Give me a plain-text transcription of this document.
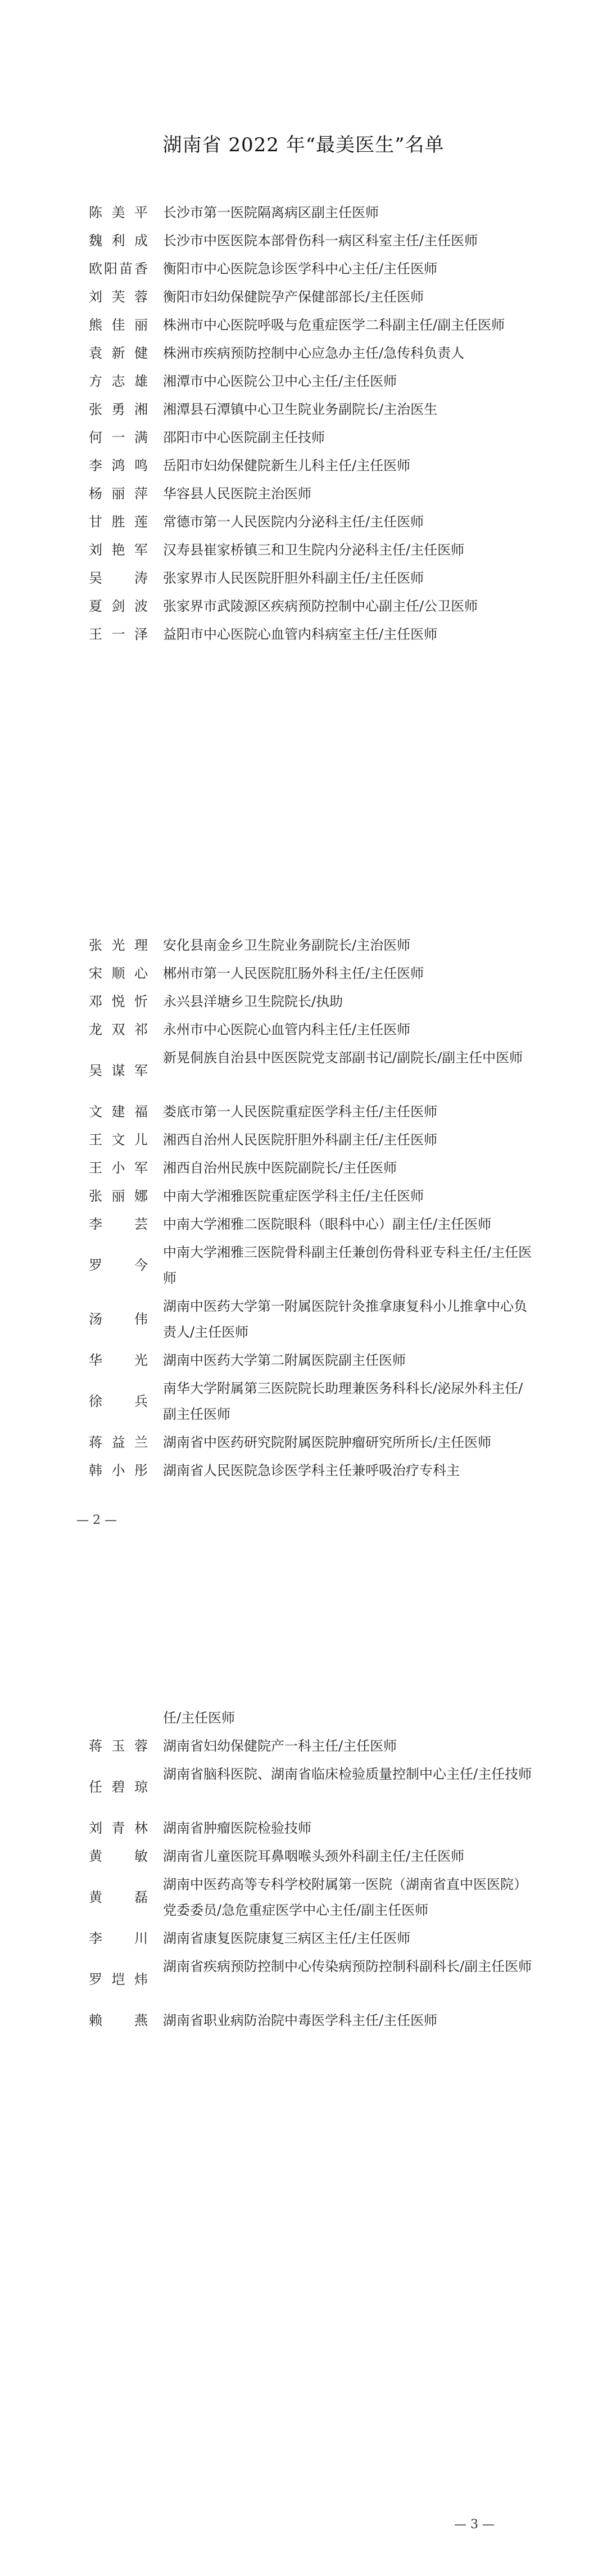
湖南省 2022 年“最美医生”名单
陈美平 长沙市第一医院隔离病区副主任医师
魏利成 长沙市中医医院本部骨伤科一病区科室主任/主任医师
欧阳苗香 衡阳市中心医院急诊医学科中心主任/主任医师
刘芙蓉 衡阳市妇幼保健院孕产保健部部长/主任医师
熊佳丽 株洲市中心医院呼吸与危重症医学二科副主任/副主任医师
袁新健 株洲市疾病预防控制中心应急办主任/急传科负责人
方志雄 湘潭市中心医院公卫中心主任/主任医师
张勇湘 湘潭县石潭镇中心卫生院业务副院长/主治医生
何一满 邵阳市中心医院副主任技师
李鸿鸣 岳阳市妇幼保健院新生儿科主任/主任医师
杨丽萍 华容县人民医院主治医师
甘胜莲 常德市第一人民医院内分泌科主任/主任医师
刘艳军 汉寿县崔家桥镇三和卫生院内分泌科主任/主任医师
吴　涛 张家界市人民医院肝胆外科副主任/主任医师
夏剑波 张家界市武陵源区疾病预防控制中心副主任/公卫医师
王一泽 益阳市中心医院心血管内科病室主任/主任医师
张光理 安化县南金乡卫生院业务副院长/主治医师
宋顺心 郴州市第一人民医院肛肠外科主任/主任医师
邓悦忻 永兴县洋塘乡卫生院院长/执助
龙双祁 永州市中心医院心血管内科主任/主任医师
吴谋军
新晃侗族自治县中医医院党支部副书记/副院长/副主任中医师
文建福 娄底市第一人民医院重症医学科主任/主任医师
王文儿 湘西自治州人民医院肝胆外科副主任/主任医师
王小军 湘西自治州民族中医院副院长/主任医师
张丽娜 中南大学湘雅医院重症医学科主任/主任医师
李　芸 中南大学湘雅二医院眼科（眼科中心）副主任/主任医师
罗　今
中南大学湘雅三医院骨科副主任兼创伤骨科亚专科主任/主任医师
汤　伟
湖南中医药大学第一附属医院针灸推拿康复科小儿推拿中心负责人/主任医师
华　光 湖南中医药大学第二附属医院副主任医师
徐　兵
南华大学附属第三医院院长助理兼医务科科长/泌尿外科主任/副主任医师
蒋益兰 湖南省中医药研究院附属医院肿瘤研究所所长/主任医师
韩小彤 湖南省人民医院急诊医学科主任兼呼吸治疗专科主
任/主任医师
蒋玉蓉 湖南省妇幼保健院产一科主任/主任医师
任碧琼
湖南省脑科医院、湖南省临床检验质量控制中心主任/主任技师
刘青林 湖南省肿瘤医院检验技师
黄　敏 湖南省儿童医院耳鼻咽喉头颈外科副主任/主任医师
黄　磊
湖南中医药高等专科学校附属第一医院（湖南省直中医医院）党委委员/急危重症医学中心主任/副主任医师
李　川 湖南省康复医院康复三病区主任/主任医师
罗垲炜
湖南省疾病预防控制中心传染病预防控制科副科长/副主任医师
赖　燕 湖南省职业病防治院中毒医学科主任/主任医师
— 2 —
— 3 —
